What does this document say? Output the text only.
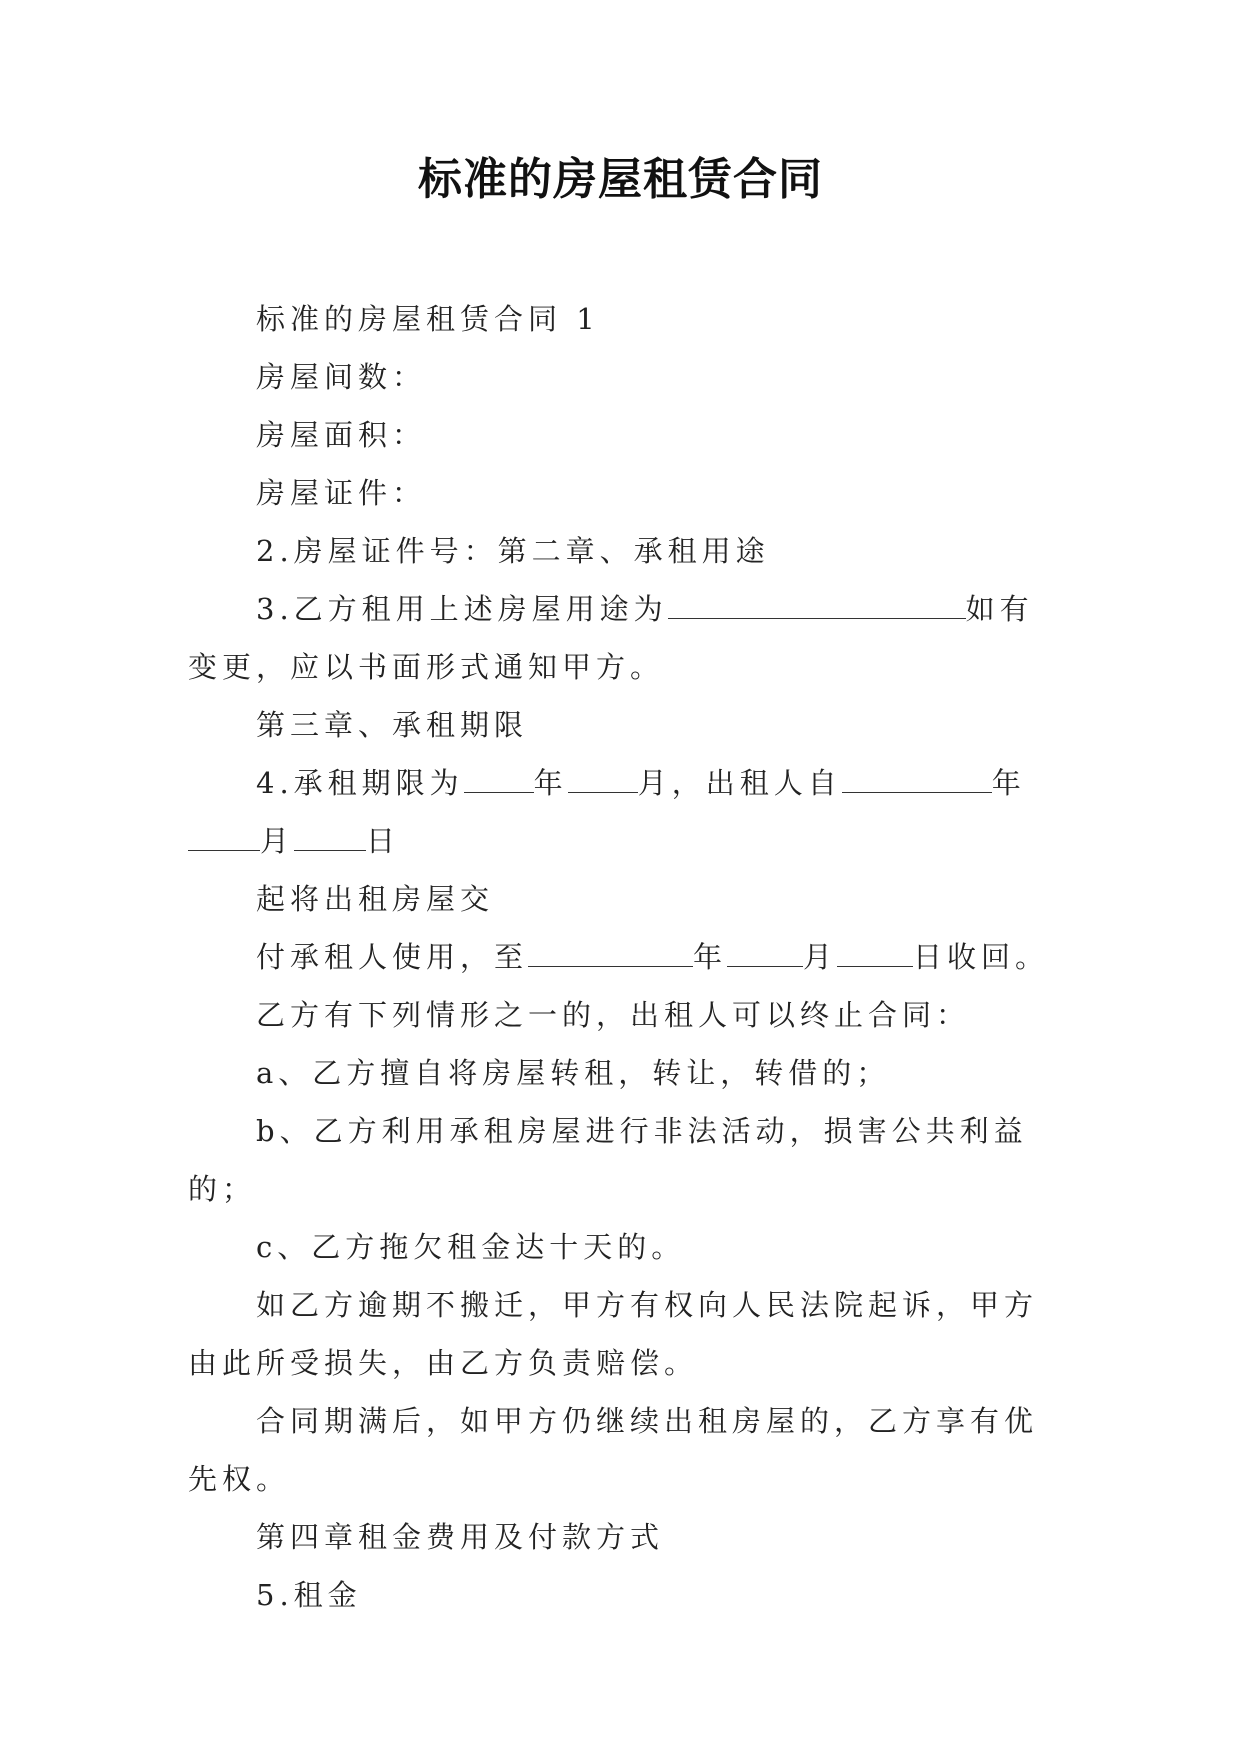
标准的房屋租赁合同

标准的房屋租赁合同 1

房屋间数：

房屋面积：

房屋证件：

2.房屋证件号：第二章、承租用途

3.乙方租用上述房屋用途为	如有变更，应以书面形式通知甲方。

第三章、承租期限

4.承租期限为 年 月，出租人自	年月 日

起将出租房屋交

付承租人使用，至	年	月	日收回。

乙方有下列情形之一的，出租人可以终止合同：

a、乙方擅自将房屋转租，转让，转借的；

b、乙方利用承租房屋进行非法活动，损害公共利益的；

c、乙方拖欠租金达十天的。

如乙方逾期不搬迁，甲方有权向人民法院起诉，甲方由此所受损失，由乙方负责赔偿。

合同期满后，如甲方仍继续出租房屋的，乙方享有优先权。

第四章租金费用及付款方式

5.租金
